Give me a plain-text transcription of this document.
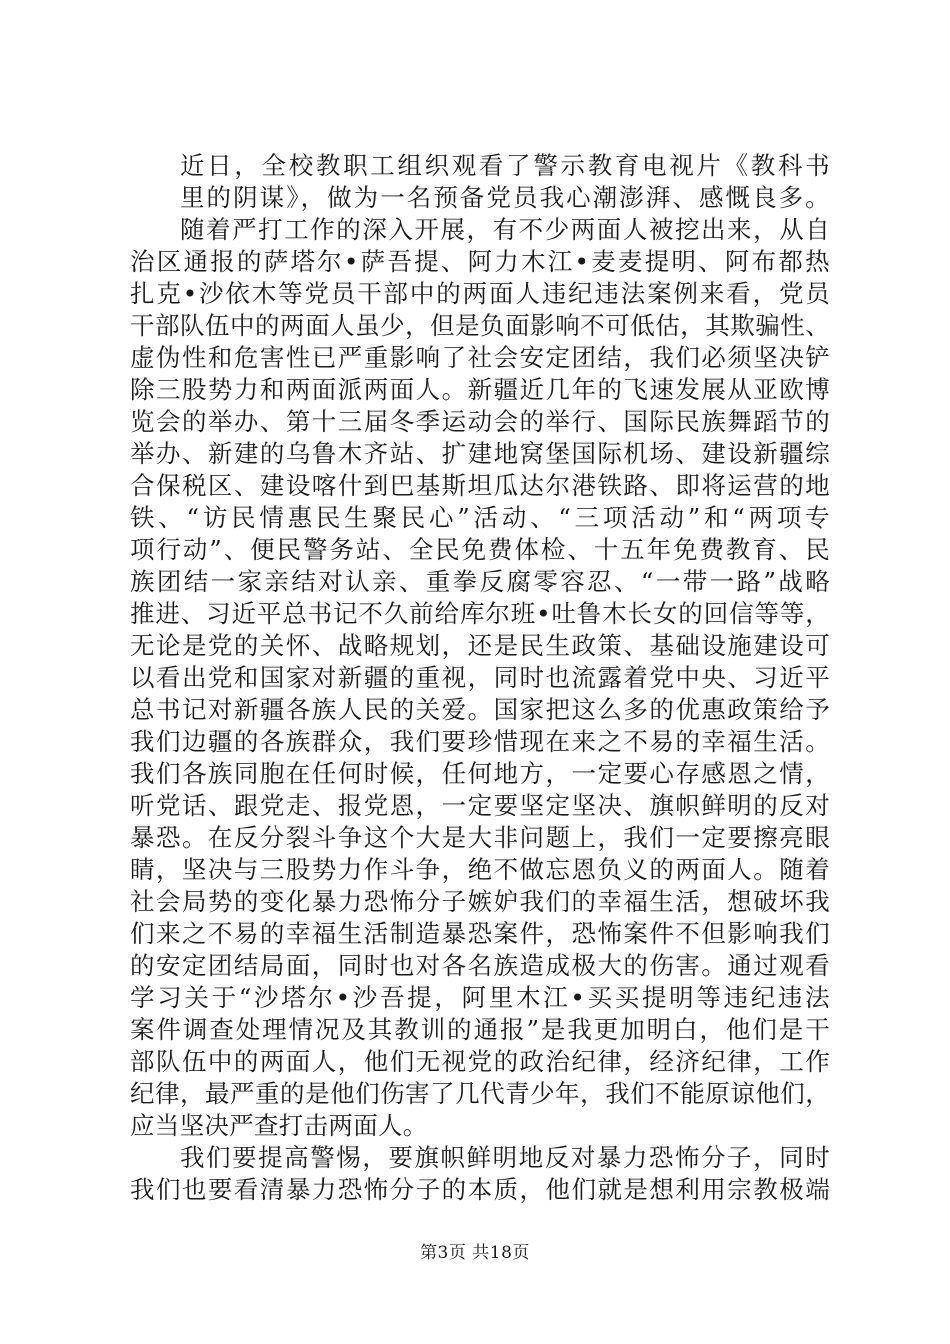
近日，全校教职工组织观看了警示教育电视片《教科书
里的阴谋》，做为一名预备党员我心潮澎湃、感慨良多。
随着严打工作的深入开展，有不少两面人被挖出来，从自
治区通报的萨塔尔•萨吾提、阿力木江•麦麦提明、阿布都热
扎克•沙依木等党员干部中的两面人违纪违法案例来看，党员
干部队伍中的两面人虽少，但是负面影响不可低估，其欺骗性、
虚伪性和危害性已严重影响了社会安定团结，我们必须坚决铲
除三股势力和两面派两面人。新疆近几年的飞速发展从亚欧博
览会的举办、第十三届冬季运动会的举行、国际民族舞蹈节的
举办、新建的乌鲁木齐站、扩建地窝堡国际机场、建设新疆综
合保税区、建设喀什到巴基斯坦瓜达尔港铁路、即将运营的地
铁、“访民情惠民生聚民心”活动、“三项活动”和“两项专
项行动”、便民警务站、全民免费体检、十五年免费教育、民
族团结一家亲结对认亲、重拳反腐零容忍、“一带一路”战略
推进、习近平总书记不久前给库尔班•吐鲁木长女的回信等等，
无论是党的关怀、战略规划，还是民生政策、基础设施建设可
以看出党和国家对新疆的重视，同时也流露着党中央、习近平
总书记对新疆各族人民的关爱。国家把这么多的优惠政策给予
我们边疆的各族群众，我们要珍惜现在来之不易的幸福生活。
我们各族同胞在任何时候，任何地方，一定要心存感恩之情，
听党话、跟党走、报党恩，一定要坚定坚决、旗帜鲜明的反对
暴恐。在反分裂斗争这个大是大非问题上，我们一定要擦亮眼
睛，坚决与三股势力作斗争，绝不做忘恩负义的两面人。随着
社会局势的变化暴力恐怖分子嫉妒我们的幸福生活，想破坏我
们来之不易的幸福生活制造暴恐案件，恐怖案件不但影响我们
的安定团结局面，同时也对各名族造成极大的伤害。通过观看
学习关于“沙塔尔•沙吾提，阿里木江•买买提明等违纪违法
案件调查处理情况及其教训的通报”是我更加明白，他们是干
部队伍中的两面人，他们无视党的政治纪律，经济纪律，工作
纪律，最严重的是他们伤害了几代青少年，我们不能原谅他们，
应当坚决严查打击两面人。
我们要提高警惕，要旗帜鲜明地反对暴力恐怖分子，同时
我们也要看清暴力恐怖分子的本质，他们就是想利用宗教极端
第3页 共18页
